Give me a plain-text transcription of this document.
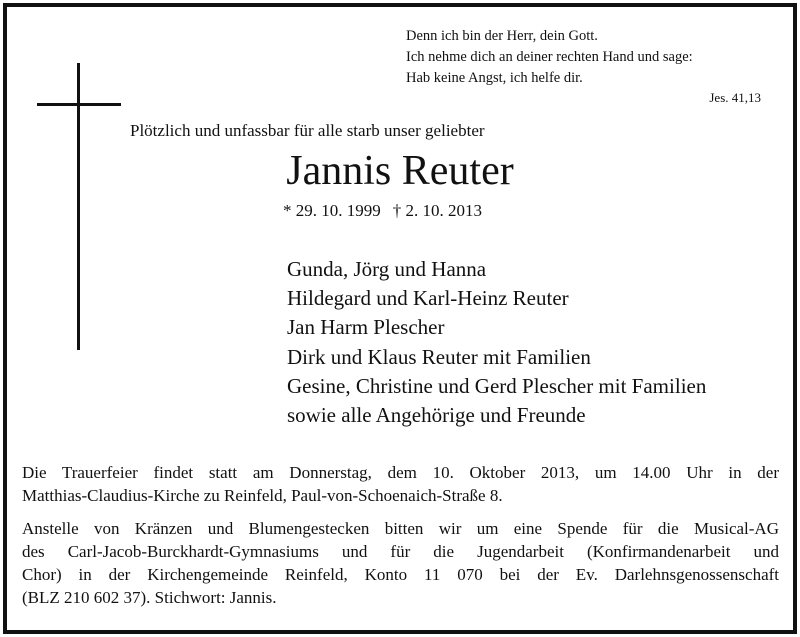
Denn ich bin der Herr, dein Gott.
Ich nehme dich an deiner rechten Hand und sage:
Hab keine Angst, ich helfe dir.
Jes. 41,13
Plötzlich und unfassbar für alle starb unser geliebter
Jannis Reuter
* 29. 10. 1999 † 2. 10. 2013
Gunda, Jörg und Hanna
Hildegard und Karl-Heinz Reuter
Jan Harm Plescher
Dirk und Klaus Reuter mit Familien
Gesine, Christine und Gerd Plescher mit Familien
sowie alle Angehörige und Freunde
Die Trauerfeier findet statt am Donnerstag, dem 10. Oktober 2013, um 14.00 Uhr in der
Matthias-Claudius-Kirche zu Reinfeld, Paul-von-Schoenaich-Straße 8.
Anstelle von Kränzen und Blumengestecken bitten wir um eine Spende für die Musical-AG
des Carl-Jacob-Burckhardt-Gymnasiums und für die Jugendarbeit (Konfirmandenarbeit und
Chor) in der Kirchengemeinde Reinfeld, Konto 11 070 bei der Ev. Darlehnsgenossenschaft
(BLZ 210 602 37). Stichwort: Jannis.
